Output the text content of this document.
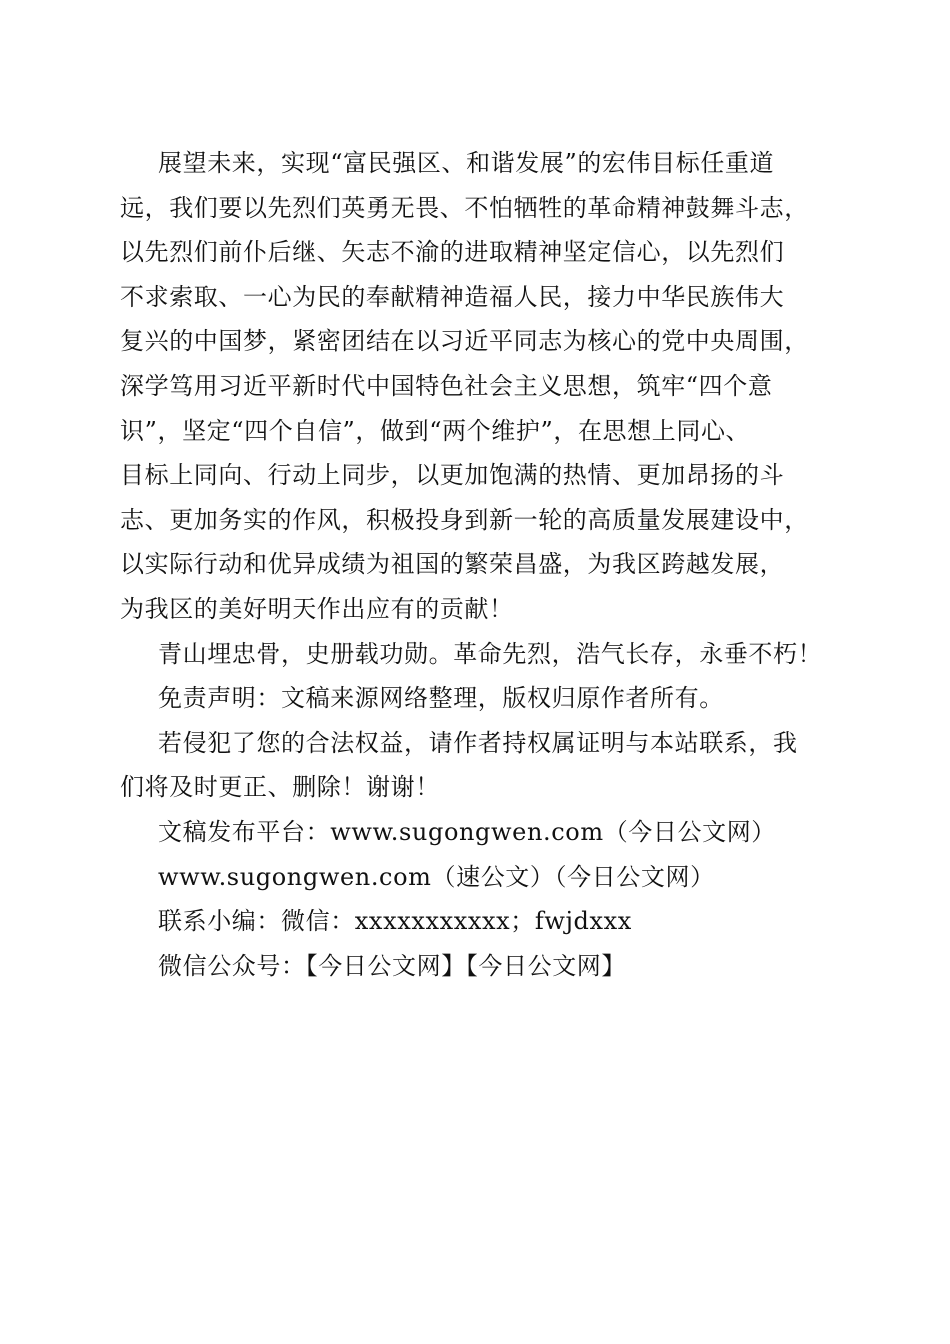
展望未来，实现“富民强区、和谐发展”的宏伟目标任重道
远，我们要以先烈们英勇无畏、不怕牺牲的革命精神鼓舞斗志，
以先烈们前仆后继、矢志不渝的进取精神坚定信心，以先烈们
不求索取、一心为民的奉献精神造福人民，接力中华民族伟大
复兴的中国梦，紧密团结在以习近平同志为核心的党中央周围，
深学笃用习近平新时代中国特色社会主义思想，筑牢“四个意
识”，坚定“四个自信”，做到“两个维护”，在思想上同心、
目标上同向、行动上同步，以更加饱满的热情、更加昂扬的斗
志、更加务实的作风，积极投身到新一轮的高质量发展建设中，
以实际行动和优异成绩为祖国的繁荣昌盛，为我区跨越发展，
为我区的美好明天作出应有的贡献！
青山埋忠骨，史册载功勋。革命先烈，浩气长存，永垂不朽！
免责声明：文稿来源网络整理，版权归原作者所有。
若侵犯了您的合法权益，请作者持权属证明与本站联系，我
们将及时更正、删除！谢谢！
文稿发布平台：www.sugongwen.com（今日公文网）
www.sugongwen.com（速公文）（今日公文网）
联系小编：微信：xxxxxxxxxxx；fwjdxxx
微信公众号：【今日公文网】【今日公文网】
